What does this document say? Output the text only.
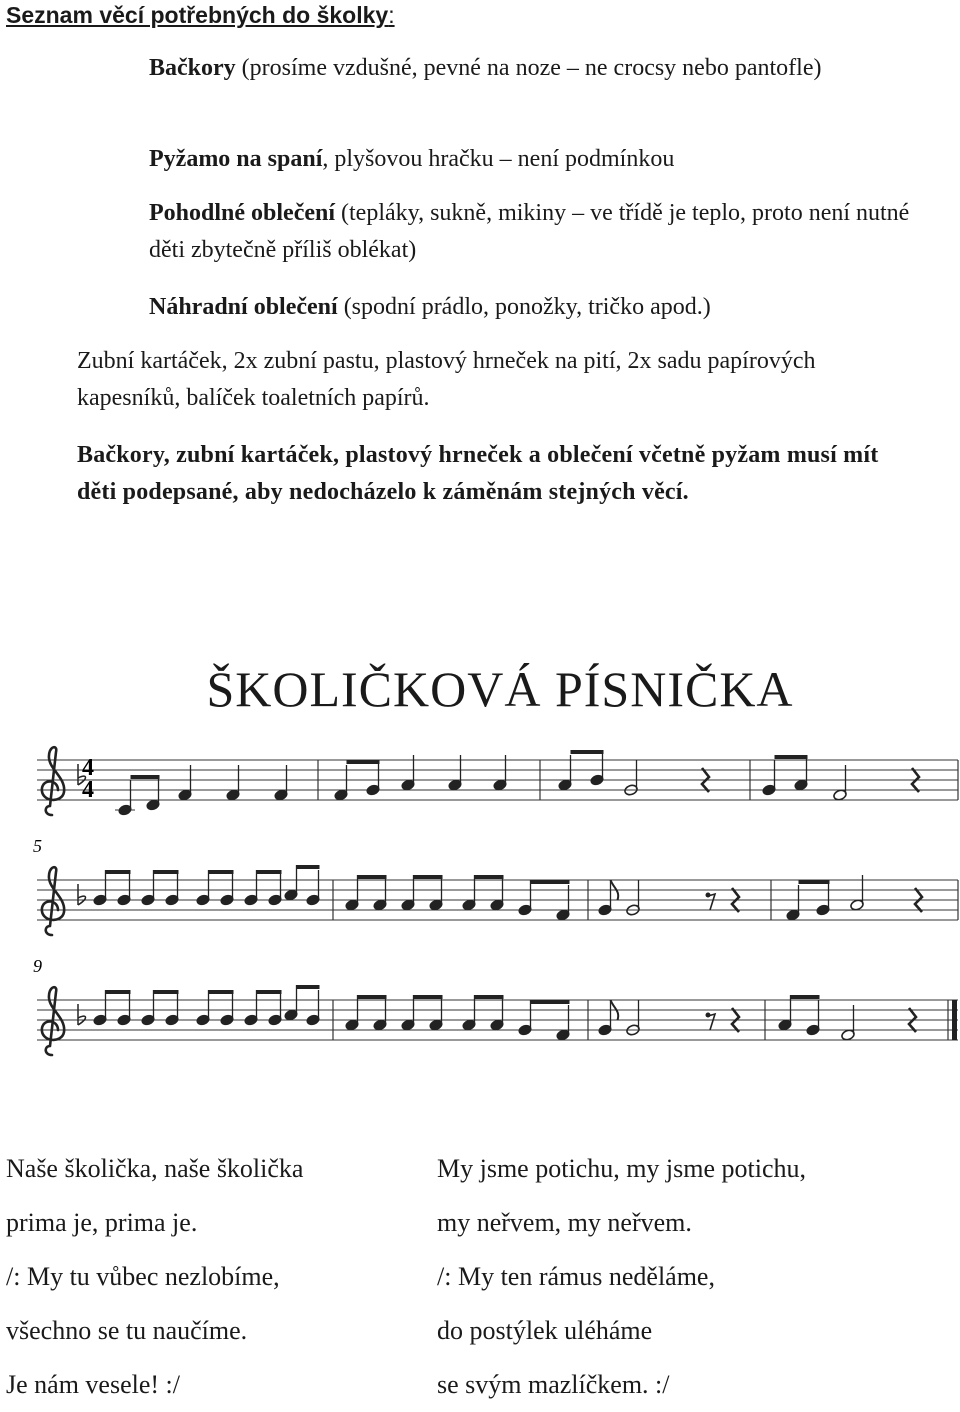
Seznam věcí potřebných do školky:
Bačkory (prosíme vzdušné, pevné na noze – ne crocsy nebo pantofle)
Pyžamo na spaní, plyšovou hračku – není podmínkou
Pohodlné oblečení (tepláky, sukně, mikiny – ve třídě je teplo, proto není nutné děti zbytečně příliš oblékat)
Náhradní oblečení (spodní prádlo, ponožky, tričko apod.)
Zubní kartáček, 2x zubní pastu, plastový hrneček na pití, 2x sadu papírových kapesníků, balíček toaletních papírů.
Bačkory, zubní kartáček, plastový hrneček a oblečení včetně pyžam musí mít děti podepsané, aby nedocházelo k záměnám stejných věcí.
ŠKOLIČKOVÁ PÍSNIČKA
4
4
5
9
Naše školička, naše školička
prima je, prima je.
/: My tu vůbec nezlobíme,
všechno se tu naučíme.
Je nám vesele! :/
My jsme potichu, my jsme potichu,
my neřvem, my neřvem.
/: My ten rámus neděláme,
do postýlek uléháme
se svým mazlíčkem. :/
